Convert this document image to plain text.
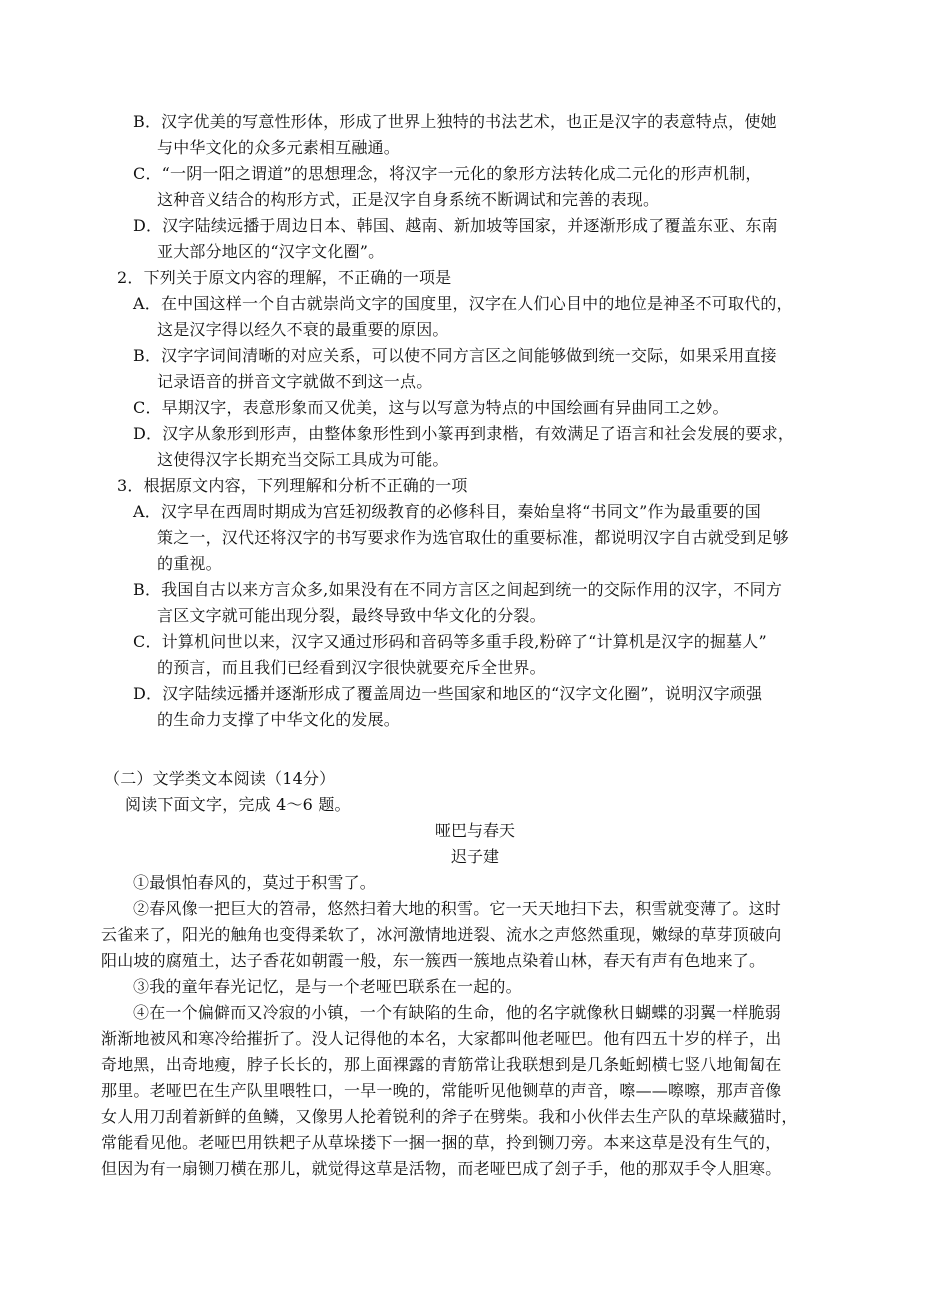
B．汉字优美的写意性形体，形成了世界上独特的书法艺术，也正是汉字的表意特点，使她
与中华文化的众多元素相互融通。
C．“一阴一阳之谓道”的思想理念，将汉字一元化的象形方法转化成二元化的形声机制，
这种音义结合的构形方式，正是汉字自身系统不断调试和完善的表现。
D．汉字陆续远播于周边日本、韩国、越南、新加坡等国家，并逐渐形成了覆盖东亚、东南
亚大部分地区的“汉字文化圈”。
2．下列关于原文内容的理解，不正确的一项是
A．在中国这样一个自古就崇尚文字的国度里，汉字在人们心目中的地位是神圣不可取代的，
这是汉字得以经久不衰的最重要的原因。
B．汉字字词间清晰的对应关系，可以使不同方言区之间能够做到统一交际，如果采用直接
记录语音的拼音文字就做不到这一点。
C．早期汉字，表意形象而又优美，这与以写意为特点的中国绘画有异曲同工之妙。
D．汉字从象形到形声，由整体象形性到小篆再到隶楷，有效满足了语言和社会发展的要求，
这使得汉字长期充当交际工具成为可能。
3．根据原文内容，下列理解和分析不正确的一项
A．汉字早在西周时期成为宫廷初级教育的必修科目，秦始皇将“书同文”作为最重要的国
策之一，汉代还将汉字的书写要求作为选官取仕的重要标准，都说明汉字自古就受到足够
的重视。
B．我国自古以来方言众多,如果没有在不同方言区之间起到统一的交际作用的汉字，不同方
言区文字就可能出现分裂，最终导致中华文化的分裂。
C．计算机问世以来，汉字又通过形码和音码等多重手段,粉碎了“计算机是汉字的掘墓人”
的预言，而且我们已经看到汉字很快就要充斥全世界。
D．汉字陆续远播并逐渐形成了覆盖周边一些国家和地区的“汉字文化圈”，说明汉字顽强
的生命力支撑了中华文化的发展。
（二）文学类文本阅读（14分）
阅读下面文字，完成 4～6 题。
哑巴与春天
迟子建
①最惧怕春风的，莫过于积雪了。
②春风像一把巨大的笤帚，悠然扫着大地的积雪。它一天天地扫下去，积雪就变薄了。这时
云雀来了，阳光的触角也变得柔软了，冰河激情地迸裂、流水之声悠然重现，嫩绿的草芽顶破向
阳山坡的腐殖土，达子香花如朝霞一般，东一簇西一簇地点染着山林，春天有声有色地来了。
③我的童年春光记忆，是与一个老哑巴联系在一起的。
④在一个偏僻而又冷寂的小镇，一个有缺陷的生命，他的名字就像秋日蝴蝶的羽翼一样脆弱
渐渐地被风和寒冷给摧折了。没人记得他的本名，大家都叫他老哑巴。他有四五十岁的样子，出
奇地黑，出奇地瘦，脖子长长的，那上面裸露的青筋常让我联想到是几条蚯蚓横七竖八地匍匐在
那里。老哑巴在生产队里喂牲口，一早一晚的，常能听见他铡草的声音，嚓——嚓嚓，那声音像
女人用刀刮着新鲜的鱼鳞，又像男人抡着锐利的斧子在劈柴。我和小伙伴去生产队的草垛藏猫时，
常能看见他。老哑巴用铁耙子从草垛搂下一捆一捆的草，拎到铡刀旁。本来这草是没有生气的，
但因为有一扇铡刀横在那儿，就觉得这草是活物，而老哑巴成了刽子手，他的那双手令人胆寒。
